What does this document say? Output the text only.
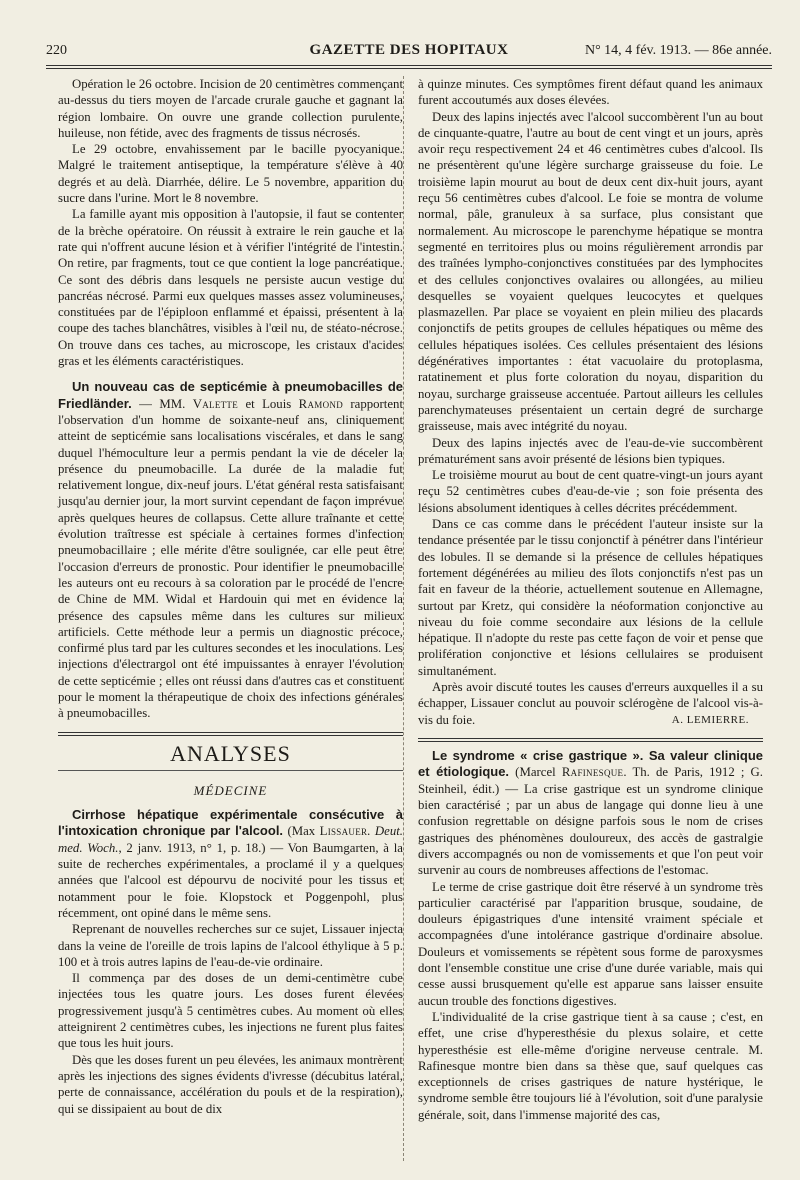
220	GAZETTE DES HOPITAUX	N° 14, 4 fév. 1913. — 86e année.

Opération le 26 octobre. Incision de 20 centimètres commençant au-dessus du tiers moyen de l'arcade crurale gauche et gagnant la région lombaire. On ouvre une grande collection purulente, huileuse, non fétide, avec des fragments de tissus nécrosés.

Le 29 octobre, envahissement par le bacille pyocyanique. Malgré le traitement antiseptique, la température s'élève à 40 degrés et au delà. Diarrhée, délire. Le 5 novembre, apparition du sucre dans l'urine. Mort le 8 novembre.

La famille ayant mis opposition à l'autopsie, il faut se contenter de la brèche opératoire. On réussit à extraire le rein gauche et la rate qui n'offrent aucune lésion et à vérifier l'intégrité de l'intestin. On retire, par fragments, tout ce que contient la loge pancréatique. Ce sont des débris dans lesquels ne persiste aucun vestige du pancréas nécrosé. Parmi eux quelques masses assez volumineuses, constituées par de l'épiploon enflammé et épaissi, présentent à la coupe des taches blanchâtres, visibles à l'œil nu, de stéato-nécrose. On trouve dans ces taches, au microscope, les cristaux d'acides gras et les éléments caractéristiques.

Un nouveau cas de septicémie à pneumobacilles de Friedländer. — MM. Valette et Louis Ramond rapportent l'observation d'un homme de soixante-neuf ans, cliniquement atteint de septicémie sans localisations viscérales, et dans le sang duquel l'hémoculture leur a permis pendant la vie de déceler la présence du pneumobacille. La durée de la maladie fut relativement longue, dix-neuf jours. L'état général resta satisfaisant jusqu'au dernier jour, la mort survint cependant de façon imprévue après quelques heures de collapsus. Cette allure traînante et cette évolution traîtresse est spéciale à certaines formes d'infection pneumobacillaire ; elle mérite d'être soulignée, car elle peut être l'occasion d'erreurs de pronostic. Pour identifier le pneumobacille les auteurs ont eu recours à sa coloration par le procédé de l'encre de Chine de MM. Widal et Hardouin qui met en évidence la présence des capsules même dans les cultures sur milieux artificiels. Cette méthode leur a permis un diagnostic précoce, confirmé plus tard par les cultures secondes et les inoculations. Les injections d'électrargol ont été impuissantes à enrayer l'évolution de cette septicémie ; elles ont réussi dans d'autres cas et constituent pour le moment la thérapeutique de choix des infections générales à pneumobacilles.

ANALYSES
MÉDECINE

Cirrhose hépatique expérimentale consécutive à l'intoxication chronique par l'alcool. (Max Lissauer. Deut. med. Woch., 2 janv. 1913, n° 1, p. 18.) — Von Baumgarten, à la suite de recherches expérimentales, a proclamé il y a quelques années que l'alcool est dépourvu de nocivité pour les tissus et notamment pour le foie. Klopstock et Poggenpohl, plus récemment, ont opiné dans le même sens.

Reprenant de nouvelles recherches sur ce sujet, Lissauer injecta dans la veine de l'oreille de trois lapins de l'alcool éthylique à 5 p. 100 et à trois autres lapins de l'eau-de-vie ordinaire.

Il commença par des doses de un demi-centimètre cube injectées tous les quatre jours. Les doses furent élevées progressivement jusqu'à 5 centimètres cubes. Au moment où elles atteignirent 2 centimètres cubes, les injections ne furent plus faites que tous les huit jours.

Dès que les doses furent un peu élevées, les animaux montrèrent après les injections des signes évidents d'ivresse (décubitus latéral, perte de connaissance, accélération du pouls et de la respiration), qui se dissipaient au bout de dix

à quinze minutes. Ces symptômes firent défaut quand les animaux furent accoutumés aux doses élevées.

Deux des lapins injectés avec l'alcool succombèrent l'un au bout de cinquante-quatre, l'autre au bout de cent vingt et un jours, après avoir reçu respectivement 24 et 46 centimètres cubes d'alcool. Ils ne présentèrent qu'une légère surcharge graisseuse du foie. Le troisième lapin mourut au bout de deux cent dix-huit jours, ayant reçu 56 centimètres cubes d'alcool. Le foie se montra de volume normal, pâle, granuleux à sa surface, plus consistant que normalement. Au microscope le parenchyme hépatique se montra segmenté en territoires plus ou moins régulièrement arrondis par des traînées lympho-conjonctives constituées par des lymphocites et des cellules conjonctives ovalaires ou allongées, au milieu desquelles se voyaient quelques leucocytes et quelques plasmazellen. Par place se voyaient en plein milieu des placards conjonctifs de petits groupes de cellules hépatiques ou même des cellules hépatiques isolées. Ces cellules présentaient des lésions dégénératives importantes : état vacuolaire du protoplasma, ratatinement et plus forte coloration du noyau, disparition du noyau, surcharge graisseuse accentuée. Partout ailleurs les cellules parenchymateuses présentaient un certain degré de surcharge graisseuse, mais avec intégrité du noyau.

Deux des lapins injectés avec de l'eau-de-vie succombèrent prématurément sans avoir présenté de lésions bien typiques.

Le troisième mourut au bout de cent quatre-vingt-un jours ayant reçu 52 centimètres cubes d'eau-de-vie ; son foie présenta des lésions absolument identiques à celles décrites précédemment.

Dans ce cas comme dans le précédent l'auteur insiste sur la tendance présentée par le tissu conjonctif à pénétrer dans l'intérieur des lobules. Il se demande si la présence de cellules hépatiques fortement dégénérées au milieu des îlots conjonctifs n'est pas un fait en faveur de la théorie, actuellement soutenue en Allemagne, surtout par Kretz, qui considère la néoformation conjonctive au niveau du foie comme secondaire aux lésions de la cellule hépatique. Il n'adopte du reste pas cette façon de voir et pense que prolifération conjonctive et lésions cellulaires se produisent simultanément.

Après avoir discuté toutes les causes d'erreurs auxquelles il a su échapper, Lissauer conclut au pouvoir sclérogène de l'alcool vis-à-vis du foie.	A. LEMIERRE.

Le syndrome « crise gastrique ». Sa valeur clinique et étiologique. (Marcel Rafinesque. Th. de Paris, 1912 ; G. Steinheil, édit.) — La crise gastrique est un syndrome clinique bien caractérisé ; par un abus de langage qui donne lieu à une confusion regrettable on désigne parfois sous le nom de crises gastriques des phénomènes douloureux, des accès de gastralgie divers accompagnés ou non de vomissements et que l'on peut voir survenir au cours de nombreuses affections de l'estomac.

Le terme de crise gastrique doit être réservé à un syndrome très particulier caractérisé par l'apparition brusque, soudaine, de douleurs épigastriques d'une intensité vraiment spéciale et accompagnées d'une intolérance gastrique d'ordinaire absolue. Douleurs et vomissements se répètent sous forme de paroxysmes dont l'ensemble constitue une crise d'une durée variable, mais qui cesse aussi brusquement qu'elle est apparue sans laisser ensuite aucun trouble des fonctions digestives.

L'individualité de la crise gastrique tient à sa cause ; c'est, en effet, une crise d'hyperesthésie du plexus solaire, et cette hyperesthésie est elle-même d'origine nerveuse centrale. M. Rafinesque montre bien dans sa thèse que, sauf quelques cas exceptionnels de crises gastriques de nature hystérique, le syndrome semble être toujours lié à l'évolution, soit d'une paralysie générale, soit, dans l'immense majorité des cas,
